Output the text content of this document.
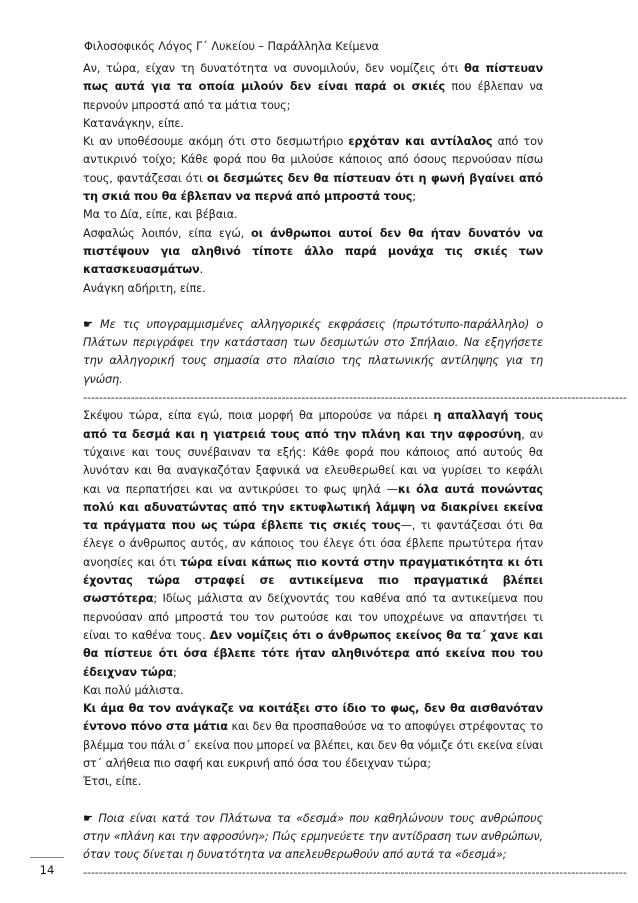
Φιλοσοφικός Λόγος Γ΄ Λυκείου – Παράλληλα Κείμενα

Αν, τώρα, είχαν τη δυνατότητα να συνομιλούν, δεν νομίζεις ότι θα πίστευαν πως αυτά για τα οποία μιλούν δεν είναι παρά οι σκιές που έβλεπαν να περνούν μπροστά από τα μάτια τους;

Κατανάγκην, είπε.

Κι αν υποθέσουμε ακόμη ότι στο δεσμωτήριο ερχόταν και αντίλαλος από τον αντικρινό τοίχο; Κάθε φορά που θα μιλούσε κάποιος από όσους περνούσαν πίσω τους, φαντάζεσαι ότι οι δεσμώτες δεν θα πίστευαν ότι η φωνή βγαίνει από τη σκιά που θα έβλεπαν να περνά από μπροστά τους;

Μα το Δία, είπε, και βέβαια.

Ασφαλώς λοιπόν, είπα εγώ, οι άνθρωποι αυτοί δεν θα ήταν δυνατόν να πιστέψουν για αληθινό τίποτε άλλο παρά μονάχα τις σκιές των κατασκευασμάτων.

Ανάγκη αδήριτη, είπε.

☛ Με τις υπογραμμισμένες αλληγορικές εκφράσεις (πρωτότυπο-παράλληλο) ο Πλάτων περιγράφει την κατάσταση των δεσμωτών στο Σπήλαιο. Να εξηγήσετε την αλληγορική τους σημασία στο πλαίσιο της πλατωνικής αντίληψης για τη γνώση.

-----------------------------------------------------------------------------------------------------------------------------------------

Σκέψου τώρα, είπα εγώ, ποια μορφή θα μπορούσε να πάρει η απαλλαγή τους από τα δεσμά και η γιατρειά τους από την πλάνη και την αφροσύνη, αν τύχαινε και τους συνέβαιναν τα εξής: Κάθε φορά που κάποιος από αυτούς θα λυνόταν και θα αναγκαζόταν ξαφνικά να ελευθερωθεί και να γυρίσει το κεφάλι και να περπατήσει και να αντικρύσει το φως ψηλά —κι όλα αυτά πονώντας πολύ και αδυνατώντας από την εκτυφλωτική λάμψη να διακρίνει εκείνα τα πράγματα που ως τώρα έβλεπε τις σκιές τους—, τι φαντάζεσαι ότι θα έλεγε ο άνθρωπος αυτός, αν κάποιος του έλεγε ότι όσα έβλεπε πρωτύτερα ήταν ανοησίες και ότι τώρα είναι κάπως πιο κοντά στην πραγματικότητα κι ότι έχοντας τώρα στραφεί σε αντικείμενα πιο πραγματικά βλέπει σωστότερα; Ιδίως μάλιστα αν δείχνοντάς του καθένα από τα αντικείμενα που περνούσαν από μπροστά του τον ρωτούσε και τον υποχρέωνε να απαντήσει τι είναι το καθένα τους. Δεν νομίζεις ότι ο άνθρωπος εκείνος θα τα΄ χανε και θα πίστευε ότι όσα έβλεπε τότε ήταν αληθινότερα από εκείνα που του έδειχναν τώρα;

Και πολύ μάλιστα.

Κι άμα θα τον ανάγκαζε να κοιτάξει στο ίδιο το φως, δεν θα αισθανόταν έντονο πόνο στα μάτια και δεν θα προσπαθούσε να το αποφύγει στρέφοντας το βλέμμα του πάλι σ΄ εκείνα που μπορεί να βλέπει, και δεν θα νόμιζε ότι εκείνα είναι στ΄ αλήθεια πιο σαφή και ευκρινή από όσα του έδειχναν τώρα;

Έτσι, είπε.

☛ Ποια είναι κατά τον Πλάτωνα τα «δεσμά» που καθηλώνουν τους ανθρώπους στην «πλάνη και την αφροσύνη»; Πώς ερμηνεύετε την αντίδραση των ανθρώπων, όταν τους δίνεται η δυνατότητα να απελευθερωθούν από αυτά τα «δεσμά»;

-----------------------------------------------------------------------------------------------------------------------------------------
14
